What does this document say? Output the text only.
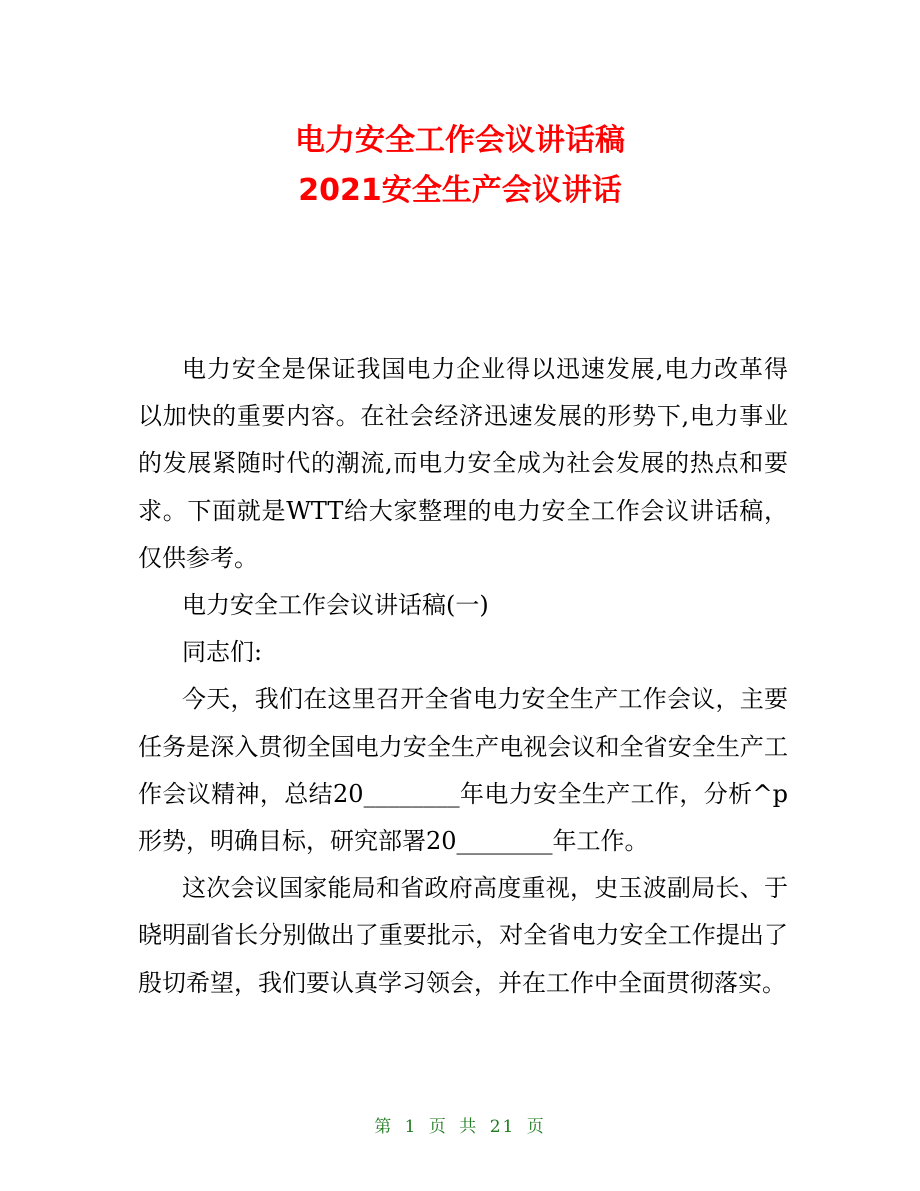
电力安全工作会议讲话稿
2021安全生产会议讲话

电力安全是保证我国电力企业得以迅速发展,电力改革得以加快的重要内容。在社会经济迅速发展的形势下,电力事业的发展紧随时代的潮流,而电力安全成为社会发展的热点和要求。下面就是WTT给大家整理的电力安全工作会议讲话稿，仅供参考。

电力安全工作会议讲话稿(一)

同志们:

今天，我们在这里召开全省电力安全生产工作会议，主要任务是深入贯彻全国电力安全生产电视会议和全省安全生产工作会议精神，总结20________年电力安全生产工作，分析^p形势，明确目标，研究部署20________年工作。

这次会议国家能局和省政府高度重视，史玉波副局长、于晓明副省长分别做出了重要批示，对全省电力安全工作提出了殷切希望，我们要认真学习领会，并在工作中全面贯彻落实。

第 1 页 共 21 页
